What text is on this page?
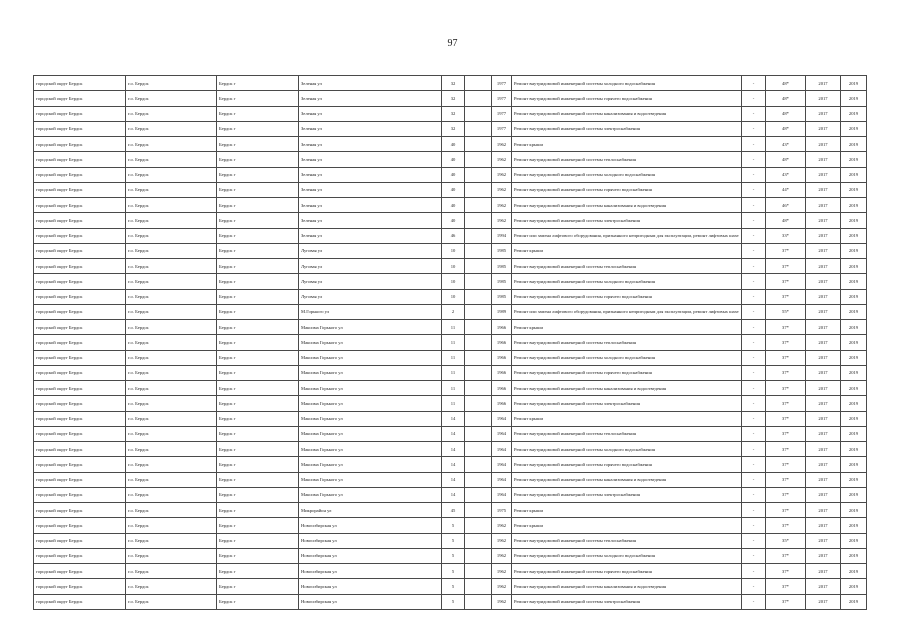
97
городской округ Бердск	г.о. Бердск	Бердск г	Зеленая ул	32		1977	Ремонт внутридомовой инженерной системы холодного водоснабжения	-	48*	2017	2019
городской округ Бердск	г.о. Бердск	Бердск г	Зеленая ул	32		1977	Ремонт внутридомовой инженерной системы горячего водоснабжения	-	48*	2017	2019
городской округ Бердск	г.о. Бердск	Бердск г	Зеленая ул	32		1977	Ремонт внутридомовой инженерной системы канализования и водоотведения	-	48*	2017	2019
городской округ Бердск	г.о. Бердск	Бердск г	Зеленая ул	32		1977	Ремонт внутридомовой инженерной системы электроснабжения	-	48*	2017	2019
городской округ Бердск	г.о. Бердск	Бердск г	Зеленая ул	40		1962	Ремонт крыши	-	43*	2017	2019
городской округ Бердск	г.о. Бердск	Бердск г	Зеленая ул	40		1962	Ремонт внутридомовой инженерной системы теплоснабжения	-	48*	2017	2019
городской округ Бердск	г.о. Бердск	Бердск г	Зеленая ул	40		1962	Ремонт внутридомовой инженерной системы холодного водоснабжения	-	43*	2017	2019
городской округ Бердск	г.о. Бердск	Бердск г	Зеленая ул	40		1962	Ремонт внутридомовой инженерной системы горячего водоснабжения	-	44*	2017	2019
городской округ Бердск	г.о. Бердск	Бердск г	Зеленая ул	40		1962	Ремонт внутридомовой инженерной системы канализования и водоотведения	-	46*	2017	2019
городской округ Бердск	г.о. Бердск	Бердск г	Зеленая ул	40		1962	Ремонт внутридомовой инженерной системы электроснабжения	-	48*	2017	2019
городской округ Бердск	г.о. Бердск	Бердск г	Зеленая ул	46		1994	Ремонт или замена лифтового оборудования, признанного непригодным для эксплуатации, ремонт лифтовых шахт	-	33*	2017	2019
городской округ Бердск	г.о. Бердск	Бердск г	Луговая ул	10		1985	Ремонт крыши	-	37*	2017	2019
городской округ Бердск	г.о. Бердск	Бердск г	Луговая ул	10		1985	Ремонт внутридомовой инженерной системы теплоснабжения	-	37*	2017	2019
городской округ Бердск	г.о. Бердск	Бердск г	Луговая ул	10		1985	Ремонт внутридомовой инженерной системы холодного водоснабжения	-	37*	2017	2019
городской округ Бердск	г.о. Бердск	Бердск г	Луговая ул	10		1985	Ремонт внутридомовой инженерной системы горячего водоснабжения	-	37*	2017	2019
городской округ Бердск	г.о. Бердск	Бердск г	М.Горького ул	2		1989	Ремонт или замена лифтового оборудования, признанного непригодным для эксплуатации, ремонт лифтовых шахт	-	55*	2017	2019
городской округ Бердск	г.о. Бердск	Бердск г	Максима Горького ул	11		1966	Ремонт крыши	-	37*	2017	2019
городской округ Бердск	г.о. Бердск	Бердск г	Максима Горького ул	11		1966	Ремонт внутридомовой инженерной системы теплоснабжения	-	37*	2017	2019
городской округ Бердск	г.о. Бердск	Бердск г	Максима Горького ул	11		1966	Ремонт внутридомовой инженерной системы холодного водоснабжения	-	37*	2017	2019
городской округ Бердск	г.о. Бердск	Бердск г	Максима Горького ул	11		1966	Ремонт внутридомовой инженерной системы горячего водоснабжения	-	37*	2017	2019
городской округ Бердск	г.о. Бердск	Бердск г	Максима Горького ул	11		1966	Ремонт внутридомовой инженерной системы канализования и водоотведения	-	37*	2017	2019
городской округ Бердск	г.о. Бердск	Бердск г	Максима Горького ул	11		1966	Ремонт внутридомовой инженерной системы электроснабжения	-	37*	2017	2019
городской округ Бердск	г.о. Бердск	Бердск г	Максима Горького ул	14		1964	Ремонт крыши	-	37*	2017	2019
городской округ Бердск	г.о. Бердск	Бердск г	Максима Горького ул	14		1964	Ремонт внутридомовой инженерной системы теплоснабжения	-	37*	2017	2019
городской округ Бердск	г.о. Бердск	Бердск г	Максима Горького ул	14		1964	Ремонт внутридомовой инженерной системы холодного водоснабжения	-	37*	2017	2019
городской округ Бердск	г.о. Бердск	Бердск г	Максима Горького ул	14		1964	Ремонт внутридомовой инженерной системы горячего водоснабжения	-	37*	2017	2019
городской округ Бердск	г.о. Бердск	Бердск г	Максима Горького ул	14		1964	Ремонт внутридомовой инженерной системы канализования и водоотведения	-	37*	2017	2019
городской округ Бердск	г.о. Бердск	Бердск г	Максима Горького ул	14		1964	Ремонт внутридомовой инженерной системы электроснабжения	-	37*	2017	2019
городской округ Бердск	г.о. Бердск	Бердск г	Микрорайон ул	45		1975	Ремонт крыши	-	37*	2017	2019
городской округ Бердск	г.о. Бердск	Бердск г	Новосибирская ул	5		1962	Ремонт крыши	-	37*	2017	2019
городской округ Бердск	г.о. Бердск	Бердск г	Новосибирская ул	5		1962	Ремонт внутридомовой инженерной системы теплоснабжения	-	35*	2017	2019
городской округ Бердск	г.о. Бердск	Бердск г	Новосибирская ул	5		1962	Ремонт внутридомовой инженерной системы холодного водоснабжения	-	37*	2017	2019
городской округ Бердск	г.о. Бердск	Бердск г	Новосибирская ул	5		1962	Ремонт внутридомовой инженерной системы горячего водоснабжения	-	37*	2017	2019
городской округ Бердск	г.о. Бердск	Бердск г	Новосибирская ул	5		1962	Ремонт внутридомовой инженерной системы канализования и водоотведения	-	37*	2017	2019
городской округ Бердск	г.о. Бердск	Бердск г	Новосибирская ул	5		1962	Ремонт внутридомовой инженерной системы электроснабжения	-	37*	2017	2019
